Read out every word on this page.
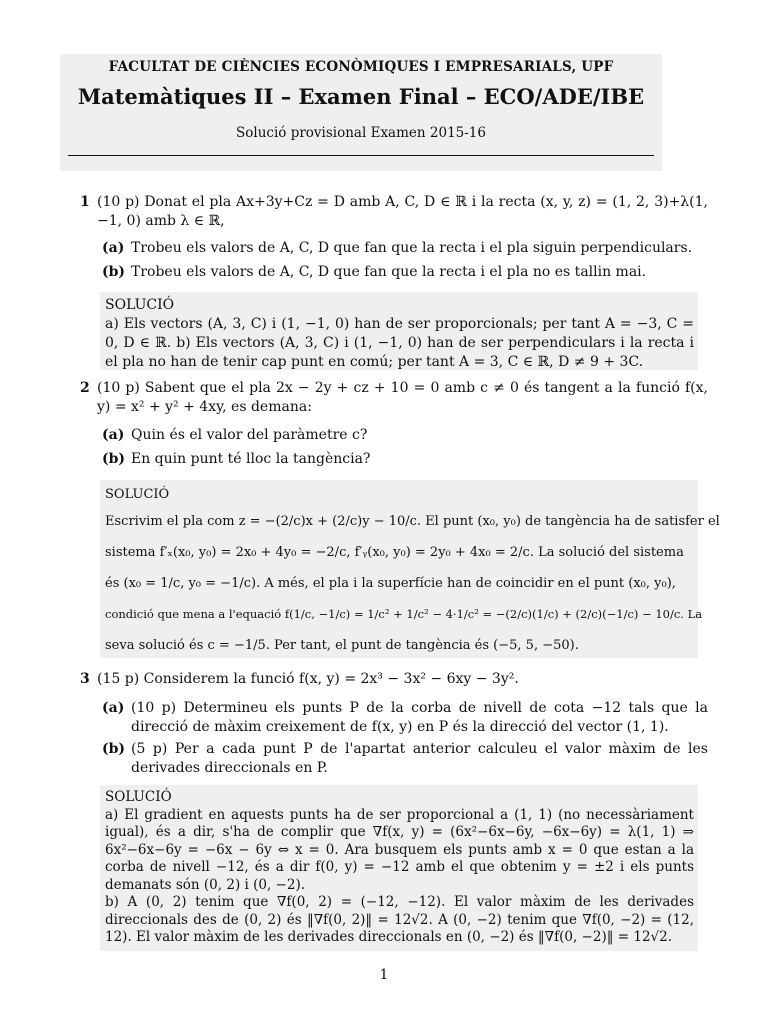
FACULTAT DE CIÈNCIES ECONÒMIQUES I EMPRESARIALS, UPF
Matemàtiques II – Examen Final – ECO/ADE/IBE
Solució provisional Examen 2015-16
1 (10 p) Donat el pla Ax+3y+Cz = D amb A, C, D ∈ ℝ i la recta (x, y, z) = (1, 2, 3)+λ(1, −1, 0) amb λ ∈ ℝ,
(a) Trobeu els valors de A, C, D que fan que la recta i el pla siguin perpendiculars.
(b) Trobeu els valors de A, C, D que fan que la recta i el pla no es tallin mai.
SOLUCIÓ
a) Els vectors (A, 3, C) i (1, −1, 0) han de ser proporcionals; per tant A = −3, C = 0, D ∈ ℝ. b) Els vectors (A, 3, C) i (1, −1, 0) han de ser perpendiculars i la recta i el pla no han de tenir cap punt en comú; per tant A = 3, C ∈ ℝ, D ≠ 9 + 3C.
2 (10 p) Sabent que el pla 2x − 2y + cz + 10 = 0 amb c ≠ 0 és tangent a la funció f(x, y) = x² + y² + 4xy, es demana:
(a) Quin és el valor del paràmetre c?
(b) En quin punt té lloc la tangència?
SOLUCIÓ
Escrivim el pla com z = −(2/c)x + (2/c)y − 10/c. El punt (x₀, y₀) de tangència ha de satisfer el
sistema f′ₓ(x₀, y₀) = 2x₀ + 4y₀ = −2/c, f′ᵧ(x₀, y₀) = 2y₀ + 4x₀ = 2/c. La solució del sistema
és (x₀ = 1/c, y₀ = −1/c). A més, el pla i la superfície han de coincidir en el punt (x₀, y₀),
condició que mena a l'equació f(1/c, −1/c) = 1/c² + 1/c² − 4·1/c² = −(2/c)(1/c) + (2/c)(−1/c) − 10/c. La
seva solució és c = −1/5. Per tant, el punt de tangència és (−5, 5, −50).
3 (15 p) Considerem la funció f(x, y) = 2x³ − 3x² − 6xy − 3y².
(a) (10 p) Determineu els punts P de la corba de nivell de cota −12 tals que la direcció de màxim creixement de f(x, y) en P és la direcció del vector (1, 1).
(b) (5 p) Per a cada punt P de l'apartat anterior calculeu el valor màxim de les derivades direccionals en P.
SOLUCIÓ
a) El gradient en aquests punts ha de ser proporcional a (1, 1) (no necessàriament igual), és a dir, s'ha de complir que ∇f(x, y) = (6x²−6x−6y, −6x−6y) = λ(1, 1) ⇒ 6x²−6x−6y = −6x − 6y ⇔ x = 0. Ara busquem els punts amb x = 0 que estan a la corba de nivell −12, és a dir f(0, y) = −12 amb el que obtenim y = ±2 i els punts demanats són (0, 2) i (0, −2).
b) A (0, 2) tenim que ∇f(0, 2) = (−12, −12). El valor màxim de les derivades direccionals des de (0, 2) és ‖∇f(0, 2)‖ = 12√2. A (0, −2) tenim que ∇f(0, −2) = (12, 12). El valor màxim de les derivades direccionals en (0, −2) és ‖∇f(0, −2)‖ = 12√2.
1
